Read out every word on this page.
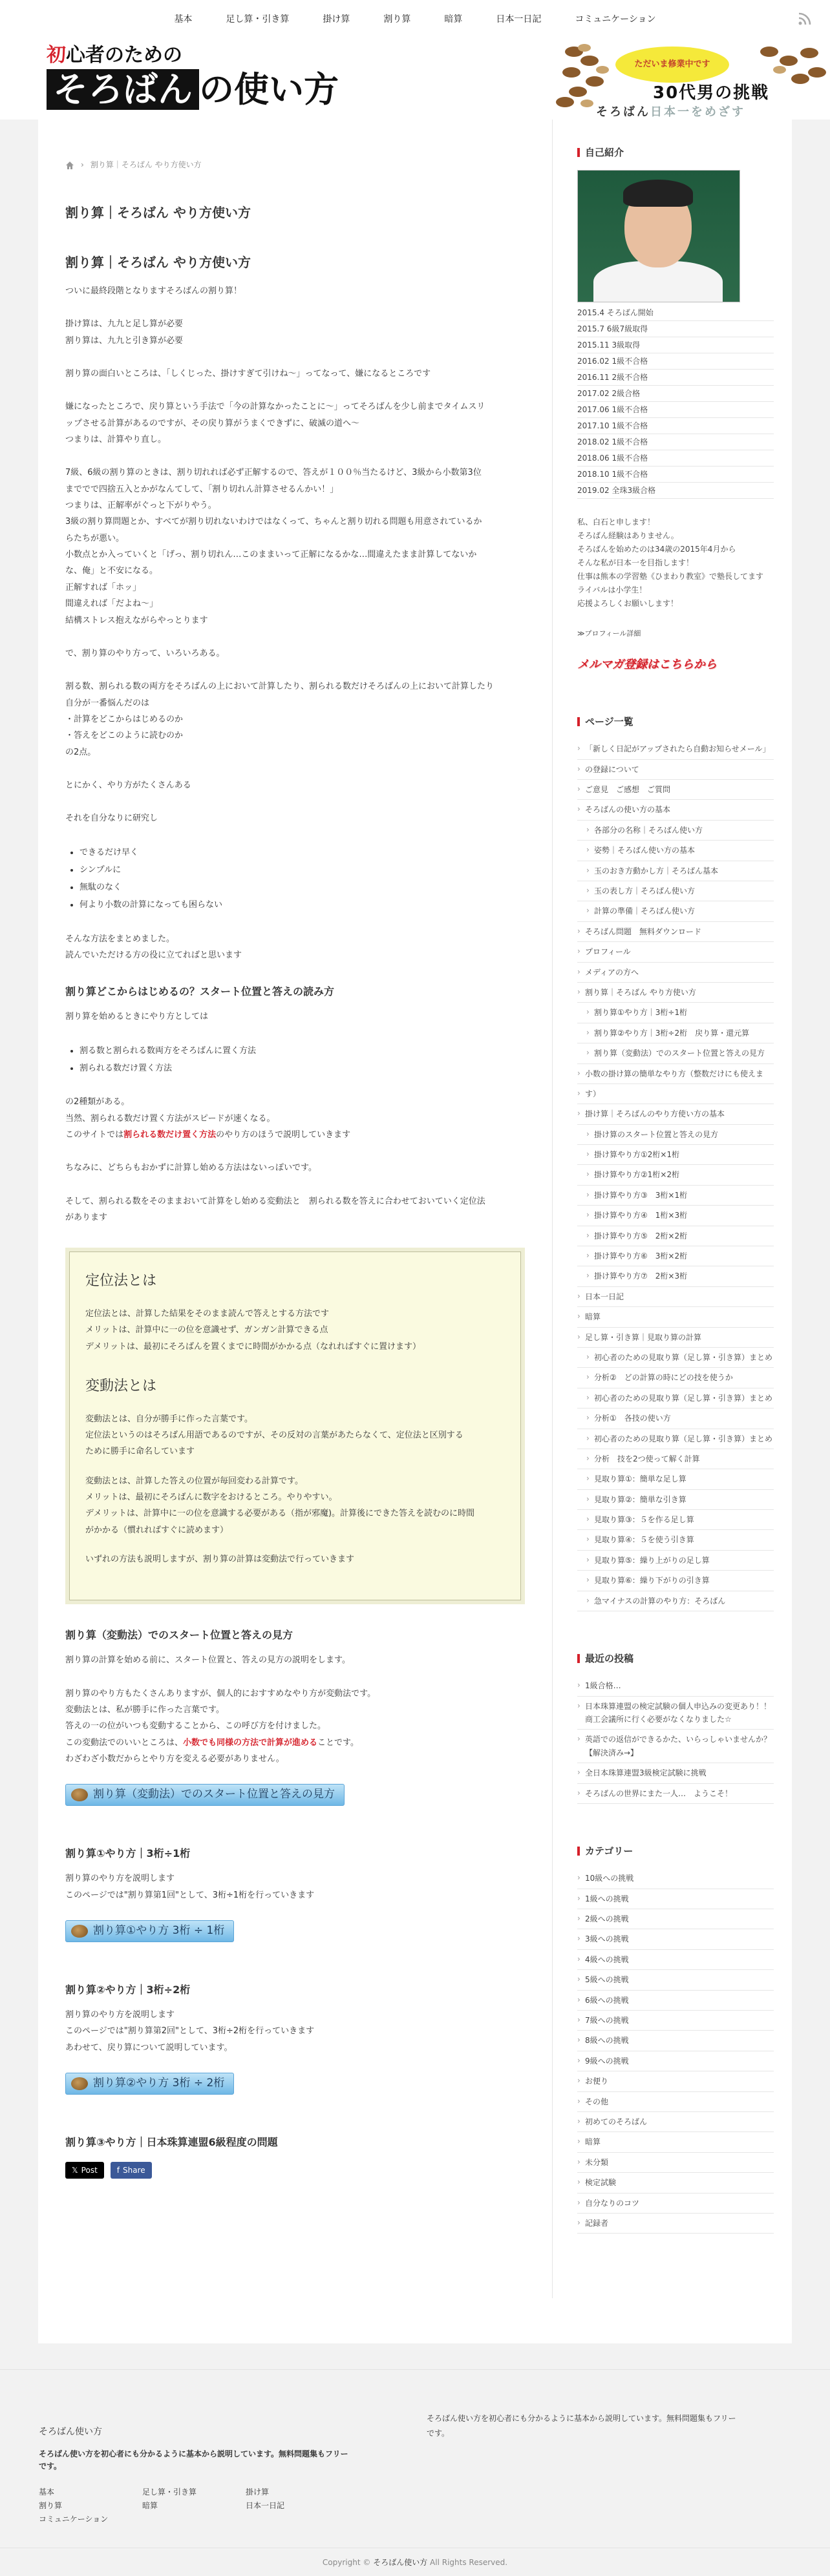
基本	足し算・引き算	掛け算	割り算	暗算	日本一日記	コミュニケーション
初心者のための
そろばん の使い方
ただいま修業中です
30代男の挑戦
そろばん日本一をめざす
› 割り算｜そろばん やり方使い方
割り算｜そろばん やり方使い方
割り算｜そろばん やり方使い方
ついに最終段階となりますそろばんの割り算！
掛け算は、九九と足し算が必要
割り算は、九九と引き算が必要
割り算の面白いところは、「しくじった、掛けすぎて引けね〜」ってなって、嫌になるところです
嫌になったところで、戻り算という手法で「今の計算なかったことに〜」ってそろばんを少し前までタイムスリ
ップさせる計算があるのですが、その戻り算がうまくできずに、破滅の道へ〜
つまりは、計算やり直し。
7級、6級の割り算のときは、割り切れれば必ず正解するので、答えが１００％当たるけど、3級から小数第3位
まででで四捨五入とかがなんてして、「割り切れん計算させるんかい！」
つまりは、正解率がぐっと下がりやう。
3級の割り算問題とか、すべてが割り切れないわけではなくって、ちゃんと割り切れる問題も用意されているか
らたちが悪い。
小数点とか入っていくと「げっ、割り切れん…このままいって正解になるかな…間違えたまま計算してないか
な、俺」と不安になる。
正解すれば「ホッ」
間違えれば「だよね〜」
結構ストレス抱えながらやっとります
で、割り算のやり方って、いろいろある。
割る数、割られる数の両方をそろばんの上において計算したり、割られる数だけそろばんの上において計算したり
自分が一番悩んだのは
・計算をどこからはじめるのか
・答えをどこのように読むのか
の2点。
とにかく、やり方がたくさんある
それを自分なりに研究し
• できるだけ早く
• シンプルに
• 無駄のなく
• 何より小数の計算になっても困らない
そんな方法をまとめました。
読んでいただける方の役に立てればと思います
割り算どこからはじめるの？スタート位置と答えの読み方
割り算を始めるときにやり方としては
• 割る数と割られる数両方をそろばんに置く方法
• 割られる数だけ置く方法
の2種類がある。
当然、割られる数だけ置く方法がスピードが速くなる。
このサイトでは割られる数だけ置く方法のやり方のほうで説明していきます
ちなみに、どちらもおかずに計算し始める方法はないっぽいです。
そして、割られる数をそのままおいて計算をし始める変動法と　割られる数を答えに合わせておいていく定位法
があります
定位法とは
定位法とは、計算した結果をそのまま読んで答えとする方法です
メリットは、計算中に一の位を意識せず、ガンガン計算できる点
デメリットは、最初にそろばんを置くまでに時間がかかる点（なれればすぐに置けます）
変動法とは
変動法とは、自分が勝手に作った言葉です。
定位法というのはそろばん用語であるのですが、その反対の言葉があたらなくて、定位法と区別する
ために勝手に命名しています
変動法とは、計算した答えの位置が毎回変わる計算です。
メリットは、最初にそろばんに数字をおけるところ。やりやすい。
デメリットは、計算中に一の位を意識する必要がある（指が邪魔)。計算後にできた答えを読むのに時間
がかかる（慣れればすぐに読めます）
いずれの方法も説明しますが、割り算の計算は変動法で行っていきます
割り算（変動法）でのスタート位置と答えの見方
割り算の計算を始める前に、スタート位置と、答えの見方の説明をします。
割り算のやり方もたくさんありますが、個人的におすすめなやり方が変動法です。
変動法とは、私が勝手に作った言葉です。
答えの一の位がいつも変動することから、この呼び方を付けました。
この変動法でのいいところは、小数でも同様の方法で計算が進めることです。
わざわざ小数だからとやり方を変える必要がありません。
割り算（変動法）でのスタート位置と答えの見方
割り算①やり方｜3桁÷1桁
割り算のやり方を説明します
このページでは"割り算第1回"として、3桁÷1桁を行っていきます
割り算①やり方 3桁 ÷ 1桁
割り算②やり方｜3桁÷2桁
割り算のやり方を説明します
このページでは"割り算第2回"として、3桁÷2桁を行っていきます
あわせて、戻り算について説明しています。
割り算②やり方 3桁 ÷ 2桁
割り算③やり方｜日本珠算連盟6級程度の問題
𝕏 Post	f Share
自己紹介
2015.4 そろばん開始
2015.7 6級7級取得
2015.11 3級取得
2016.02 1級不合格
2016.11 2級不合格
2017.02 2級合格
2017.06 1級不合格
2017.10 1級不合格
2018.02 1級不合格
2018.06 1級不合格
2018.10 1級不合格
2019.02 全珠3級合格
私、白石と申します！
そろばん経験はありません。
そろばんを始めたのは34歳の2015年4月から
そんな私が日本一を目指します！
仕事は熊本の学習塾《ひまわり教室》で塾長してます
ライバルは小学生！
応援よろしくお願いします！
≫プロフィール詳細
メルマガ登録はこちらから
ページ一覧
› 「新しく日記がアップされたら自動お知らせメール」
› の登録について
› ご意見　ご感想　ご質問
› そろばんの使い方の基本
› 各部分の名称｜そろばん使い方
› 姿勢｜そろばん使い方の基本
› 玉のおき方動かし方｜そろばん基本
› 玉の表し方｜そろばん使い方
› 計算の準備｜そろばん使い方
› そろばん問題　無料ダウンロード
› プロフィール
› メディアの方へ
› 割り算｜そろばん やり方使い方
› 割り算①やり方｜3桁÷1桁
› 割り算②やり方｜3桁÷2桁　戻り算・還元算
› 割り算（変動法）でのスタート位置と答えの見方
› 小数の掛け算の簡単なやり方（整数だけにも使えま
› す）
› 掛け算｜そろばんのやり方使い方の基本
› 掛け算のスタート位置と答えの見方
› 掛け算やり方①2桁×1桁
› 掛け算やり方②1桁×2桁
› 掛け算やり方③　3桁×1桁
› 掛け算やり方④　1桁×3桁
› 掛け算やり方⑤　2桁×2桁
› 掛け算やり方⑥　3桁×2桁
› 掛け算やり方⑦　2桁×3桁
› 日本一日記
› 暗算
› 足し算・引き算｜見取り算の計算
› 初心者のための見取り算（足し算・引き算）まとめ
› 分析②　どの計算の時にどの技を使うか
› 初心者のための見取り算（足し算・引き算）まとめ
› 分析①　各技の使い方
› 初心者のための見取り算（足し算・引き算）まとめ
› 分析　技を2つ使って解く計算
› 見取り算①：簡単な足し算
› 見取り算②：簡単な引き算
› 見取り算③：５を作る足し算
› 見取り算④：５を使う引き算
› 見取り算⑤：繰り上がりの足し算
› 見取り算⑥：繰り下がりの引き算
› 急マイナスの計算のやり方：そろばん
最近の投稿
› 1級合格…
› 日本珠算連盟の検定試験の個人申込みの変更あり！！　商工会議所に行く必要がなくなりました☆
› 英語での返信ができるかた、いらっしゃいませんか？【解決済み→】
› 全日本珠算連盟3級検定試験に挑戦
› そろばんの世界にまた一人…　ようこそ！
カテゴリー
› 10級への挑戦
› 1級への挑戦
› 2級への挑戦
› 3級への挑戦
› 4級への挑戦
› 5級への挑戦
› 6級への挑戦
› 7級への挑戦
› 8級への挑戦
› 9級への挑戦
› お便り
› その他
› 初めてのそろばん
› 暗算
› 未分類
› 検定試験
› 自分なりのコツ
› 記録者
そろばん使い方
そろばん使い方を初心者にも分かるように基本から説明しています。無料問題集もフリーです。
基本	足し算・引き算	掛け算
割り算	暗算	日本一日記
コミュニケーション
そろばん使い方を初心者にも分かるように基本から説明しています。無料問題集もフリーです。
Copyright © そろばん使い方 All Rights Reserved.
